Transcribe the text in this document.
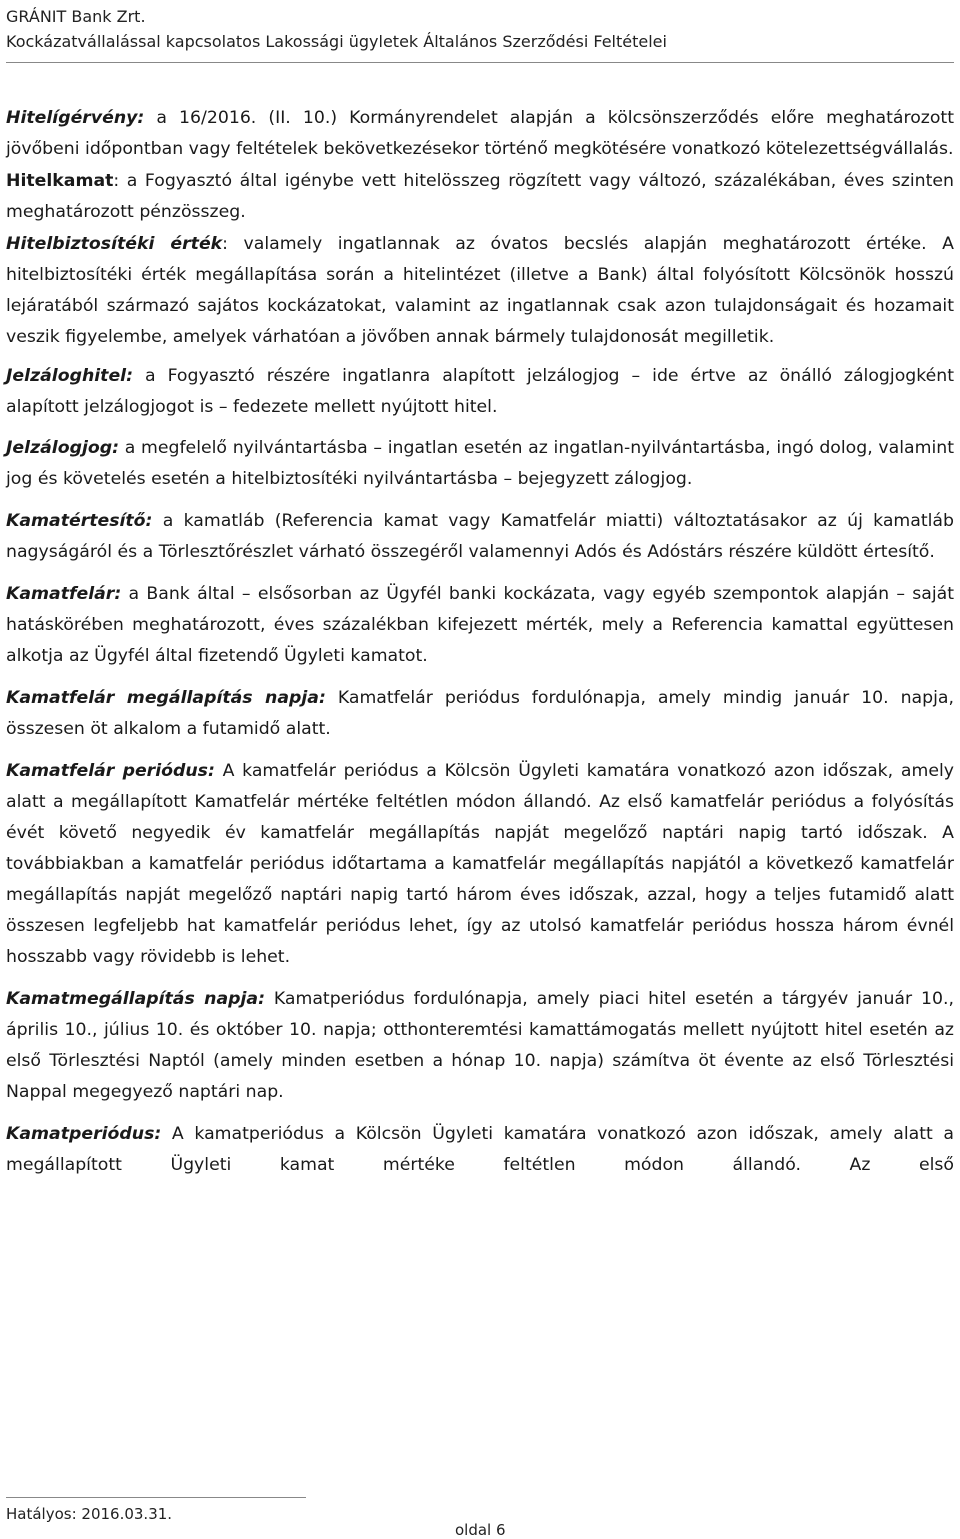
GRÁNIT Bank Zrt.
Kockázatvállalással kapcsolatos Lakossági ügyletek Általános Szerződési Feltételei

Hitelígérvény: a 16/2016. (II. 10.) Kormányrendelet alapján a kölcsönszerződés előre meghatározott jövőbeni időpontban vagy feltételek bekövetkezésekor történő megkötésére vonatkozó kötelezettségvállalás.

Hitelkamat: a Fogyasztó által igénybe vett hitelösszeg rögzített vagy változó, százalékában, éves szinten meghatározott pénzösszeg.

Hitelbiztosítéki érték: valamely ingatlannak az óvatos becslés alapján meghatározott értéke. A hitelbiztosítéki érték megállapítása során a hitelintézet (illetve a Bank) által folyósított Kölcsönök hosszú lejáratából származó sajátos kockázatokat, valamint az ingatlannak csak azon tulajdonságait és hozamait veszik figyelembe, amelyek várhatóan a jövőben annak bármely tulajdonosát megilletik.

Jelzáloghitel: a Fogyasztó részére ingatlanra alapított jelzálogjog – ide értve az önálló zálogjogként alapított jelzálogjogot is – fedezete mellett nyújtott hitel.

Jelzálogjog: a megfelelő nyilvántartásba – ingatlan esetén az ingatlan-nyilvántartásba, ingó dolog, valamint jog és követelés esetén a hitelbiztosítéki nyilvántartásba – bejegyzett zálogjog.

Kamatértesítő: a kamatláb (Referencia kamat vagy Kamatfelár miatti) változtatásakor az új kamatláb nagyságáról és a Törlesztőrészlet várható összegéről valamennyi Adós és Adóstárs részére küldött értesítő.

Kamatfelár: a Bank által – elsősorban az Ügyfél banki kockázata, vagy egyéb szempontok alapján – saját hatáskörében meghatározott, éves százalékban kifejezett mérték, mely a Referencia kamattal együttesen alkotja az Ügyfél által fizetendő Ügyleti kamatot.

Kamatfelár megállapítás napja: Kamatfelár periódus fordulónapja, amely mindig január 10. napja, összesen öt alkalom a futamidő alatt.

Kamatfelár periódus: A kamatfelár periódus a Kölcsön Ügyleti kamatára vonatkozó azon időszak, amely alatt a megállapított Kamatfelár mértéke feltétlen módon állandó. Az első kamatfelár periódus a folyósítás évét követő negyedik év kamatfelár megállapítás napját megelőző naptári napig tartó időszak. A továbbiakban a kamatfelár periódus időtartama a kamatfelár megállapítás napjától a következő kamatfelár megállapítás napját megelőző naptári napig tartó három éves időszak, azzal, hogy a teljes futamidő alatt összesen legfeljebb hat kamatfelár periódus lehet, így az utolsó kamatfelár periódus hossza három évnél hosszabb vagy rövidebb is lehet.

Kamatmegállapítás napja: Kamatperiódus fordulónapja, amely piaci hitel esetén a tárgyév január 10., április 10., július 10. és október 10. napja; otthonteremtési kamattámogatás mellett nyújtott hitel esetén az első Törlesztési Naptól (amely minden esetben a hónap 10. napja) számítva öt évente az első Törlesztési Nappal megegyező naptári nap.

Kamatperiódus: A kamatperiódus a Kölcsön Ügyleti kamatára vonatkozó azon időszak, amely alatt a megállapított Ügyleti kamat mértéke feltétlen módon állandó. Az első

Hatályos: 2016.03.31.
oldal 6
